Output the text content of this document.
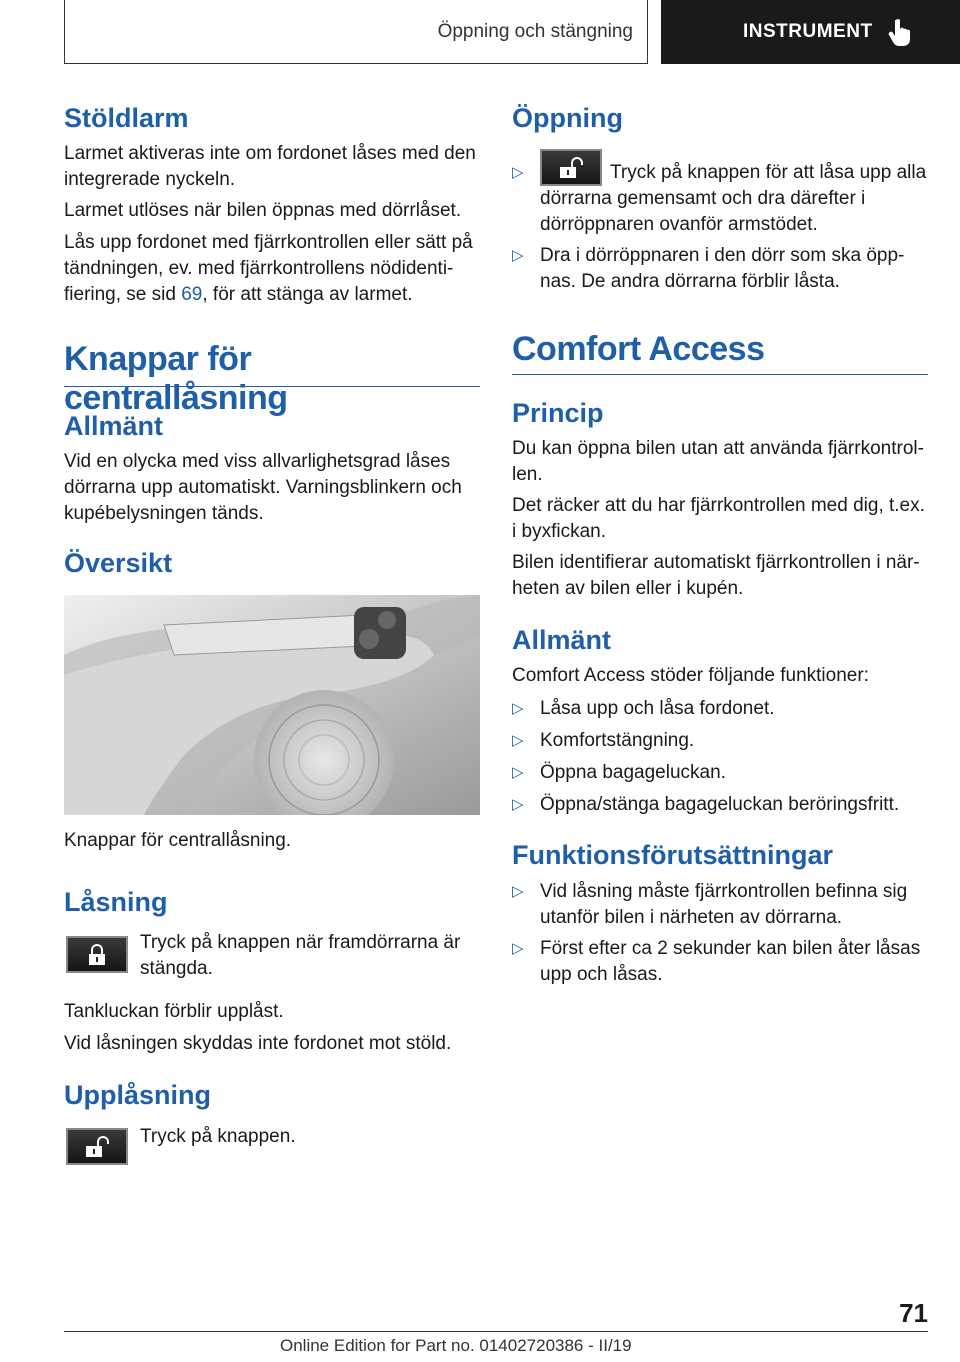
Öppning och stängning	INSTRUMENT
Stöldlarm

Larmet aktiveras inte om fordonet låses med den integrerade nyckeln.

Larmet utlöses när bilen öppnas med dörrlåset.

Lås upp fordonet med fjärrkontrollen eller sätt på tändningen, ev. med fjärrkontrollens nödidenti-fiering, se sid 69, för att stänga av larmet.

Knappar för centrallåsning
Allmänt

Vid en olycka med viss allvarlighetsgrad låses dörrarna upp automatiskt. Varningsblinkern och kupébelysningen tänds.

Översikt

Knappar för centrallåsning.

Låsning

Tryck på knappen när framdörrarna är stängda.

Tankluckan förblir upplåst.

Vid låsningen skyddas inte fordonet mot stöld.

Upplåsning

Tryck på knappen.

Öppning
▷	Tryck på knappen för att låsa upp alla dörrarna gemensamt och dra därefter i dörröppnaren ovanför armstödet.
▷ Dra i dörröppnaren i den dörr som ska öpp-nas. De andra dörrarna förblir låsta.
Comfort Access
Princip

Du kan öppna bilen utan att använda fjärrkontrol-len.

Det räcker att du har fjärrkontrollen med dig, t.ex. i byxfickan.

Bilen identifierar automatiskt fjärrkontrollen i när-heten av bilen eller i kupén.

Allmänt

Comfort Access stöder följande funktioner:

▷ Låsa upp och låsa fordonet.
▷ Komfortstängning.
▷ Öppna bagageluckan.
▷ Öppna/stänga bagageluckan beröringsfritt.
Funktionsförutsättningar
▷ Vid låsning måste fjärrkontrollen befinna sig utanför bilen i närheten av dörrarna.
▷ Först efter ca 2 sekunder kan bilen åter låsas upp och låsas.
71
Online Edition for Part no. 01402720386 - II/19
